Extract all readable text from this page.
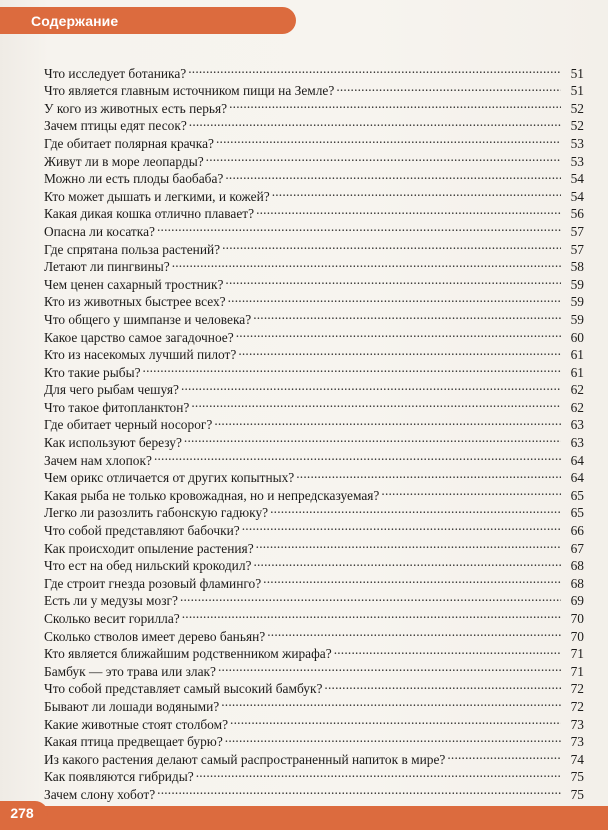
Содержание
Что исследует ботаника? .....	51
Что является главным источником пищи на Земле? .....	51
У кого из животных есть перья? .....	52
Зачем птицы едят песок? .....	52
Где обитает полярная крачка? .....	53
Живут ли в море леопарды? .....	53
Можно ли есть плоды баобаба? .....	54
Кто может дышать и легкими, и кожей? .....	54
Какая дикая кошка отлично плавает? .....	56
Опасна ли косатка? .....	57
Где спрятана польза растений? .....	57
Летают ли пингвины? .....	58
Чем ценен сахарный тростник? .....	59
Кто из животных быстрее всех? .....	59
Что общего у шимпанзе и человека? .....	59
Какое царство самое загадочное? .....	60
Кто из насекомых лучший пилот? .....	61
Кто такие рыбы? .....	61
Для чего рыбам чешуя? .....	62
Что такое фитопланктон? .....	62
Где обитает черный носорог? .....	63
Как используют березу? .....	63
Зачем нам хлопок? .....	64
Чем орикс отличается от других копытных? .....	64
Какая рыба не только кровожадная, но и непредсказуемая? .....	65
Легко ли разозлить габонскую гадюку? .....	65
Что собой представляют бабочки? .....	66
Как происходит опыление растения? .....	67
Что ест на обед нильский крокодил? .....	68
Где строит гнезда розовый фламинго? .....	68
Есть ли у медузы мозг? .....	69
Сколько весит горилла? .....	70
Сколько стволов имеет дерево баньян? .....	70
Кто является ближайшим родственником жирафа? .....	71
Бамбук — это трава или злак? .....	71
Что собой представляет самый высокий бамбук? .....	72
Бывают ли лошади водяными? .....	72
Какие животные стоят столбом? .....	73
Какая птица предвещает бурю? .....	73
Из какого растения делают самый распространенный напиток в мире? .....	74
Как появляются гибриды? .....	75
Зачем слону хобот? .....	75
278
